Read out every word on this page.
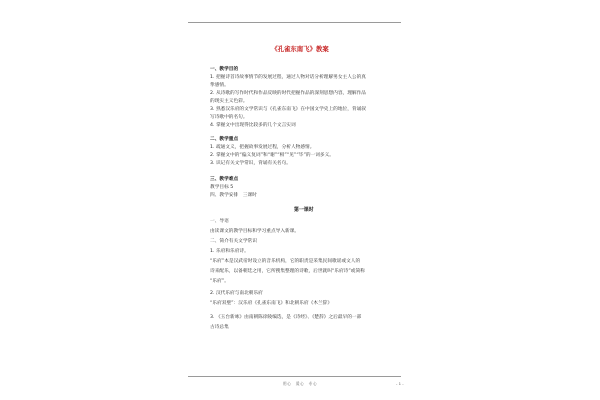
《孔雀东南飞》教案
一、教学目的
1. 把握诗首诗故事情节的发展过程，通过人物对话分析理解男女主人公的真
挚感情。
2. 从诗歌的写作时代和作品反映的时代把握作品的深刻思想内容，理解作品
的现实主义色彩。
3. 熟悉汉乐府的文学常识与《孔雀东南飞》在中国文学史上的地位，背诵叙
写诗歌中的名句。
4. 掌握文中出现得比较多的几个文言实词
二、教学重点
1. 疏通文义，把握故事发展过程，分析人物感情。
2. 掌握文中的“偏义复词”和“谢”“相”“见”“毕”的一词多义。
3. 识记有关文学常识，背诵有关名句。
三、教学难点
教学目标 5
四、教学安排　三课时
第一课时
一、导语
由读课文的教学目标和学习重点导入新课。
二、简介有关文学常识
1. 乐府和乐府诗。
“乐府”本是汉武帝时设立的音乐机构，它的职责是采集民间歌谣或文人的
诗来配乐，以备朝廷之用，它所搜集整理的诗歌，后世就叫“乐府诗”或简称
“乐府”。
2. 汉代乐府与南北朝乐府
“乐府双璧”：汉乐府《孔雀东南飞》和北朝乐府《木兰辞》
3. 《玉台新咏》由南朝陈徐陵编选，是《诗经》、《楚辞》之后最早的一部
古诗总集
用心　爱心　专心	- 1 -
